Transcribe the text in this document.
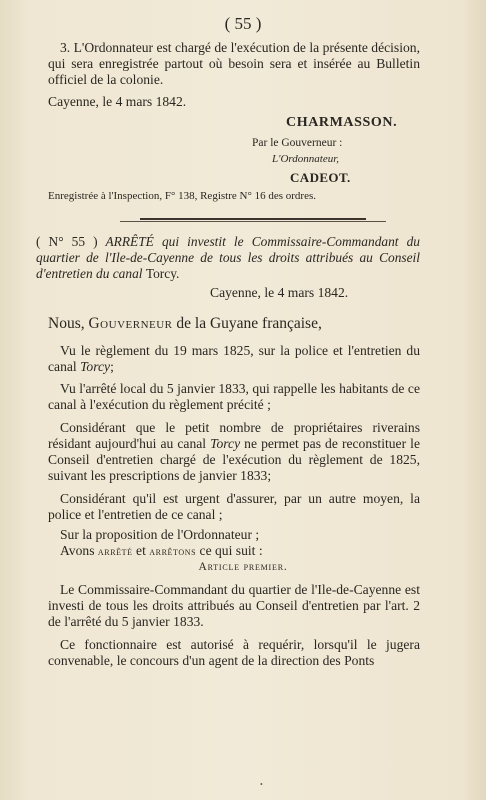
( 55 )
3. L'Ordonnateur est chargé de l'exécution de la présente décision, qui sera enregistrée partout où besoin sera et insérée au Bulletin officiel de la colonie.
Cayenne, le 4 mars 1842.
CHARMASSON.
Par le Gouverneur :
L'Ordonnateur,
CADEOT.
Enregistrée à l'Inspection, F° 138, Registre N° 16 des ordres.
( N° 55 ) ARRÊTÉ qui investit le Commissaire-Commandant du quartier de l'Ile-de-Cayenne de tous les droits attribués au Conseil d'entretien du canal Torcy.
Cayenne, le 4 mars 1842.
Nous, Gouverneur de la Guyane française,
Vu le règlement du 19 mars 1825, sur la police et l'entretien du canal Torcy;
Vu l'arrêté local du 5 janvier 1833, qui rappelle les habitants de ce canal à l'exécution du règlement précité ;
Considérant que le petit nombre de propriétaires riverains résidant aujourd'hui au canal Torcy ne permet pas de reconstituer le Conseil d'entretien chargé de l'exécution du règlement de 1825, suivant les prescriptions de janvier 1833;
Considérant qu'il est urgent d'assurer, par un autre moyen, la police et l'entretien de ce canal ;
Sur la proposition de l'Ordonnateur ;
Avons arrêté et arrêtons ce qui suit :
Article premier.
Le Commissaire-Commandant du quartier de l'Ile-de-Cayenne est investi de tous les droits attribués au Conseil d'entretien par l'art. 2 de l'arrêté du 5 janvier 1833.
Ce fonctionnaire est autorisé à requérir, lorsqu'il le jugera convenable, le concours d'un agent de la direction des Ponts
•
